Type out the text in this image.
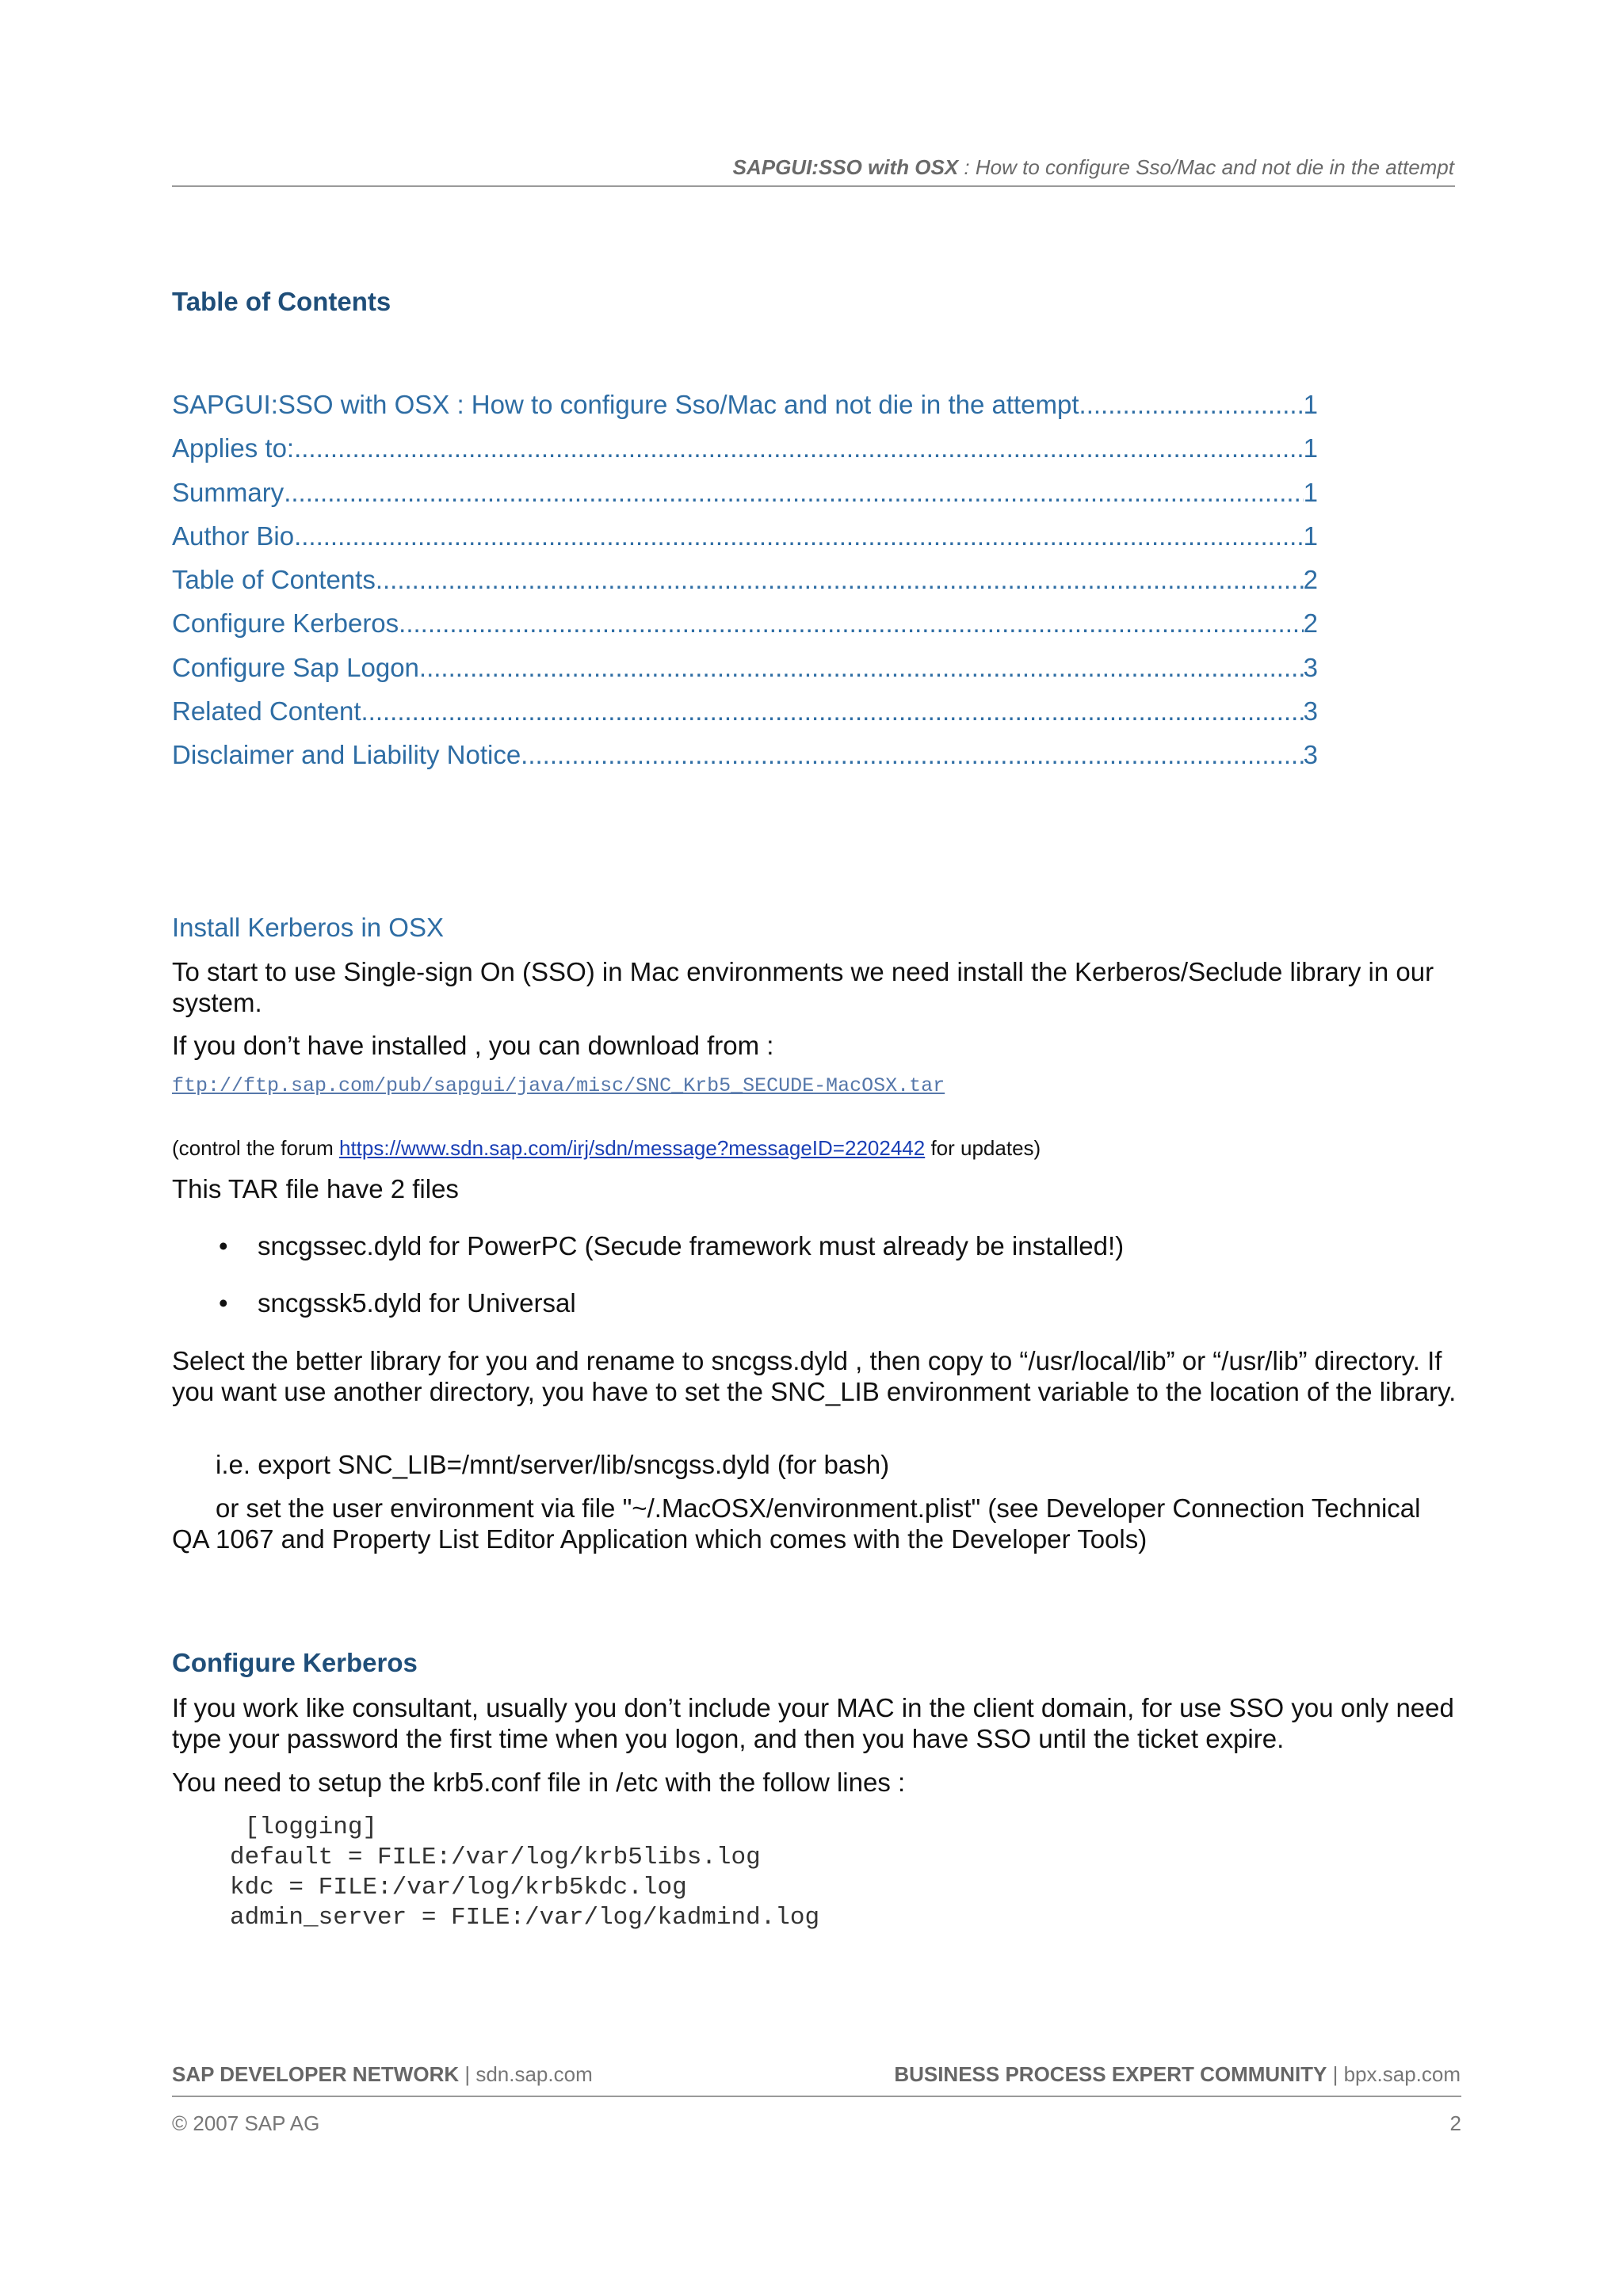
SAPGUI:SSO with OSX : How to configure Sso/Mac and not die in the attempt
Table of Contents
SAPGUI:SSO with OSX : How to configure Sso/Mac and not die in the attempt .....	1
Applies to: .....	1
Summary .....	1
Author Bio .....	1
Table of Contents .....	2
Configure Kerberos .....	2
Configure Sap Logon .....	3
Related Content .....	3
Disclaimer and Liability Notice .....	3
Install Kerberos in OSX
To start to use Single-sign On (SSO) in Mac environments we need install the Kerberos/Seclude library in our system.
If you don’t have installed , you can download from :
ftp://ftp.sap.com/pub/sapgui/java/misc/SNC_Krb5_SECUDE-MacOSX.tar
(control the forum https://www.sdn.sap.com/irj/sdn/message?messageID=2202442 for updates)
This TAR file have 2 files
• sncgssec.dyld for PowerPC (Secude framework must already be installed!)
• sncgssk5.dyld for Universal
Select the better library for you and rename to sncgss.dyld , then copy to “/usr/local/lib” or “/usr/lib” directory. If you want use another directory, you have to set the SNC_LIB environment variable to the location of the library.
i.e. export SNC_LIB=/mnt/server/lib/sncgss.dyld (for bash)
or set the user environment via file "~/.MacOSX/environment.plist" (see Developer Connection Technical QA 1067 and Property List Editor Application which comes with the Developer Tools)
Configure Kerberos
If you work like consultant, usually you don’t include your MAC in the client domain, for use SSO you only need type your password the first time when you logon, and then you have SSO until the ticket expire.
You need to setup the krb5.conf file in /etc with the follow lines :
[logging]
default = FILE:/var/log/krb5libs.log
kdc = FILE:/var/log/krb5kdc.log
admin_server = FILE:/var/log/kadmind.log
SAP DEVELOPER NETWORK | sdn.sap.com	BUSINESS PROCESS EXPERT COMMUNITY | bpx.sap.com
© 2007 SAP AG	2
